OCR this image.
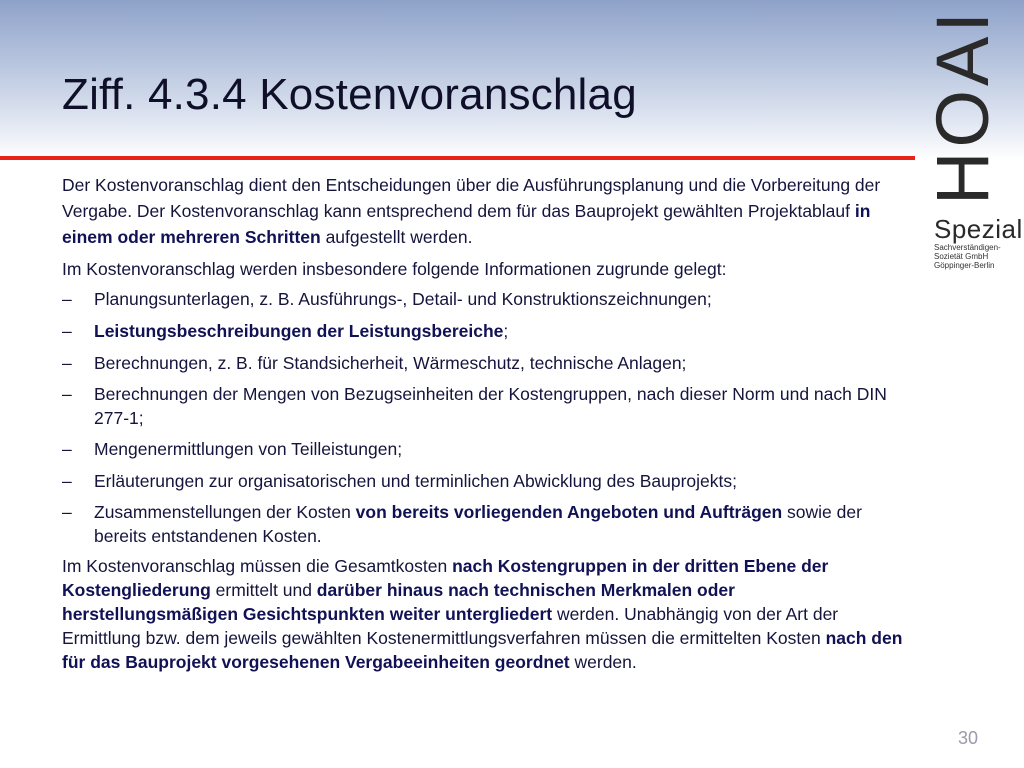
Ziff. 4.3.4 Kostenvoranschlag	HOAI
Spezial
Sachverständigen-
Sozietät GmbH
Göppinger-Berlin

Der Kostenvoranschlag dient den Entscheidungen über die Ausführungsplanung und die Vorbereitung der Vergabe. Der Kostenvoranschlag kann entsprechend dem für das Bauprojekt gewählten Projektablauf in einem oder mehreren Schritten aufgestellt werden.

Im Kostenvoranschlag werden insbesondere folgende Informationen zugrunde gelegt:

– Planungsunterlagen, z. B. Ausführungs-, Detail- und Konstruktionszeichnungen;
– Leistungsbeschreibungen der Leistungsbereiche;
– Berechnungen, z. B. für Standsicherheit, Wärmeschutz, technische Anlagen;
– Berechnungen der Mengen von Bezugseinheiten der Kostengruppen, nach dieser Norm und nach DIN 277-1;
– Mengenermittlungen von Teilleistungen;
– Erläuterungen zur organisatorischen und terminlichen Abwicklung des Bauprojekts;
– Zusammenstellungen der Kosten von bereits vorliegenden Angeboten und Aufträgen sowie der bereits entstandenen Kosten.

Im Kostenvoranschlag müssen die Gesamtkosten nach Kostengruppen in der dritten Ebene der Kostengliederung ermittelt und darüber hinaus nach technischen Merkmalen oder herstellungsmäßigen Gesichtspunkten weiter untergliedert werden. Unabhängig von der Art der Ermittlung bzw. dem jeweils gewählten Kostenermittlungsverfahren müssen die ermittelten Kosten nach den für das Bauprojekt vorgesehenen Vergabeeinheiten geordnet werden.

30
